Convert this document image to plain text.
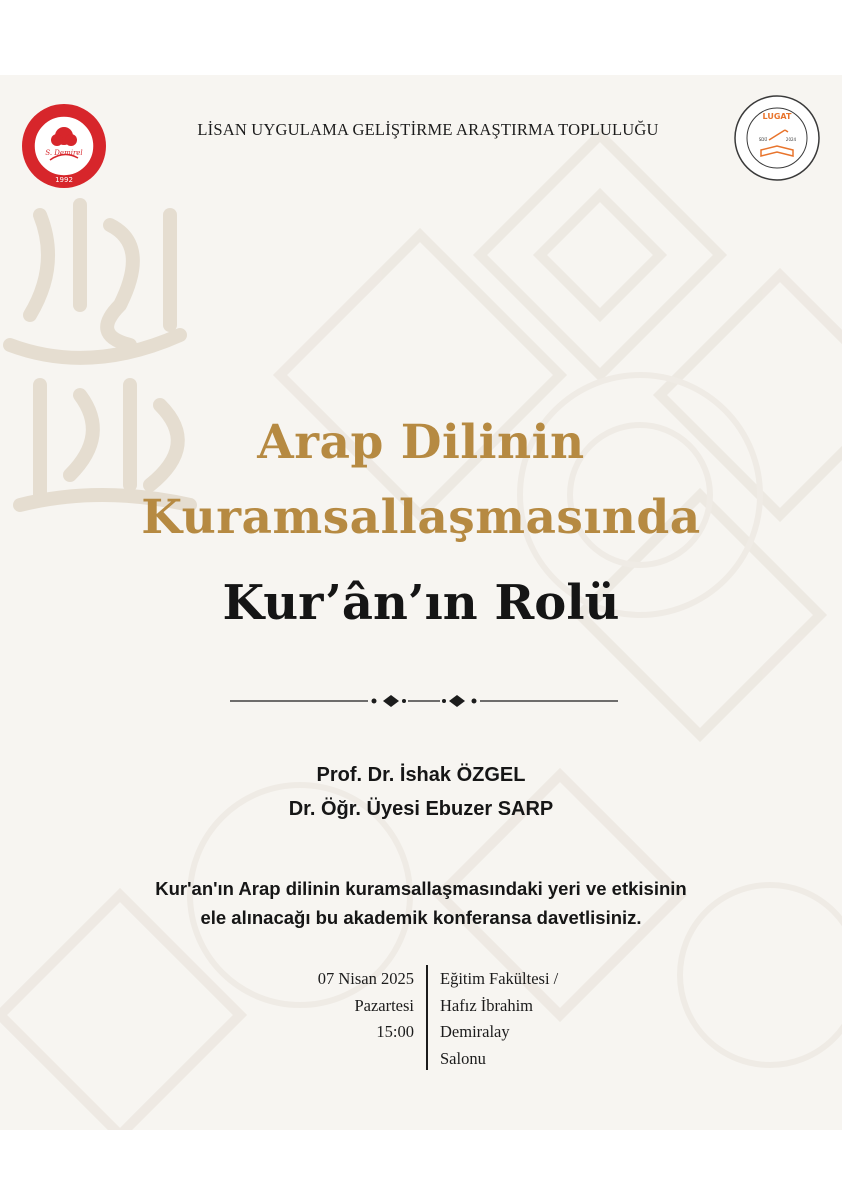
S. Demirel
1992
LİSAN UYGULAMA GELİŞTİRME ARAŞTIRMA TOPLULUĞU
LUGAT
SDÜ	2024
Arap Dilinin
Kuramsallaşmasında
Kur’ân’ın Rolü
Prof. Dr. İshak ÖZGEL
Dr. Öğr. Üyesi Ebuzer SARP
Kur'an'ın Arap dilinin kuramsallaşmasındaki yeri ve etkisinin
ele alınacağı bu akademik konferansa davetlisiniz.
07 Nisan 2025
Pazartesi
15:00
Eğitim Fakültesi /
Hafız İbrahim
Demiralay
Salonu
